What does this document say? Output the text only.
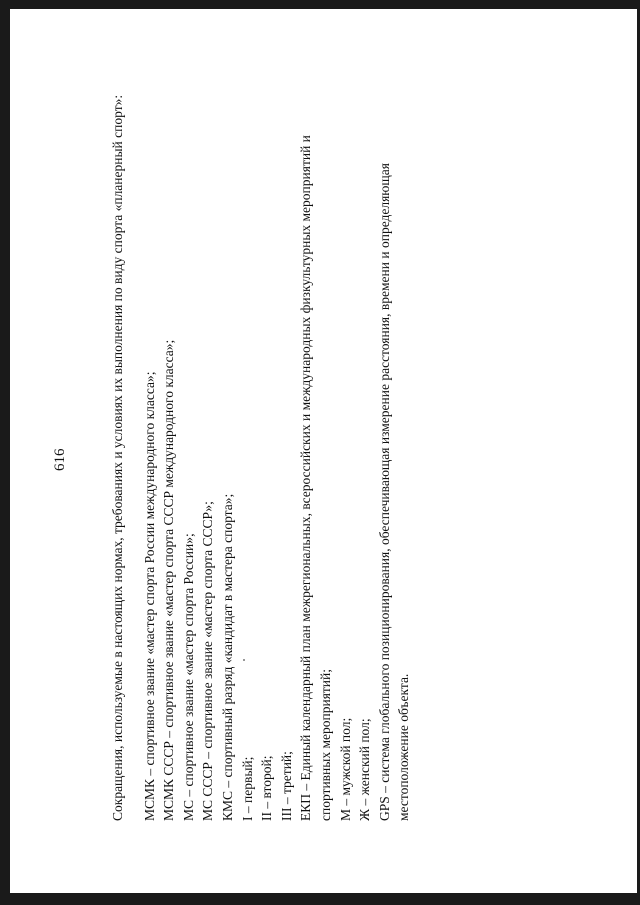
616	Сокращения, используемые в настоящих нормах, требованиях и условиях их выполнения по виду спорта «планерный спорт»: МСМК – спортивное звание «мастер спорта России международного класса»; МСМК СССР – спортивное звание «мастер спорта СССР международного класса»; МС – спортивное звание «мастер спорта России»; МС СССР – спортивное звание «мастер спорта СССР»; КМС – спортивный разряд «кандидат в мастера спорта»; I – первый; II – второй; III – третий; ЕКП – Единый календарный план межрегиональных, всероссийских и международных физкультурных мероприятий и спортивных мероприятий; М – мужской пол; Ж – женский пол; GPS – система глобального позиционирования, обеспечивающая измерение расстояния, времени и определяющая местоположение объекта.
